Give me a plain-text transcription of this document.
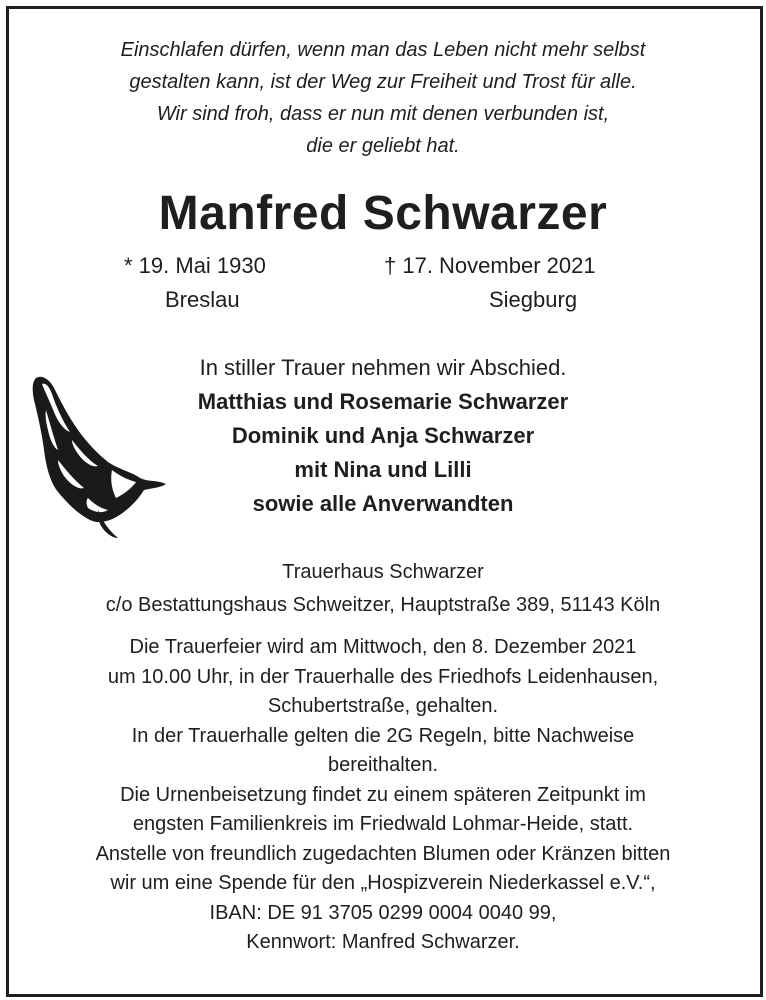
Einschlafen dürfen, wenn man das Leben nicht mehr selbst
gestalten kann, ist der Weg zur Freiheit und Trost für alle.
Wir sind froh, dass er nun mit denen verbunden ist,
die er geliebt hat.
Manfred Schwarzer
* 19. Mai 1930
Breslau
† 17. November 2021
Siegburg
In stiller Trauer nehmen wir Abschied.
Matthias und Rosemarie Schwarzer
Dominik und Anja Schwarzer
mit Nina und Lilli
sowie alle Anverwandten
Trauerhaus Schwarzer
c/o Bestattungshaus Schweitzer, Hauptstraße 389, 51143 Köln
Die Trauerfeier wird am Mittwoch, den 8. Dezember 2021
um 10.00 Uhr, in der Trauerhalle des Friedhofs Leidenhausen,
Schubertstraße, gehalten.
In der Trauerhalle gelten die 2G Regeln, bitte Nachweise
bereithalten.
Die Urnenbeisetzung findet zu einem späteren Zeitpunkt im
engsten Familienkreis im Friedwald Lohmar-Heide, statt.
Anstelle von freundlich zugedachten Blumen oder Kränzen bitten
wir um eine Spende für den „Hospizverein Niederkassel e.V.“,
IBAN: DE 91 3705 0299 0004 0040 99,
Kennwort: Manfred Schwarzer.
